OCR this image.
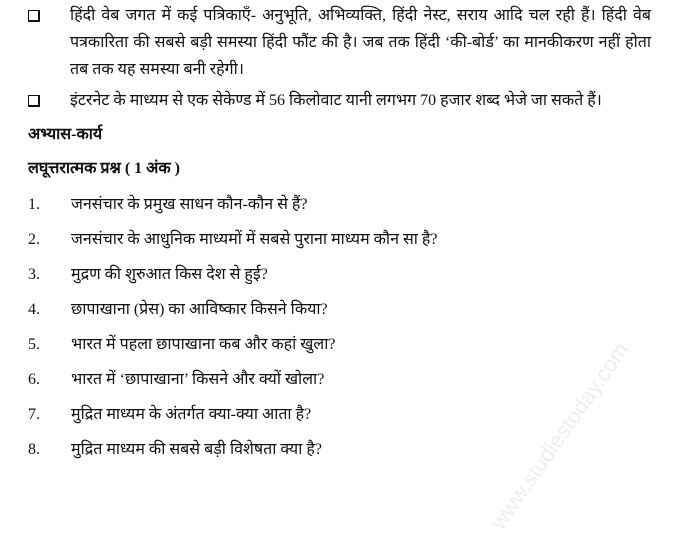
www.studiestoday.com
हिंदी वेब जगत में कई पत्रिकाएँ- अनुभूति, अभिव्यक्ति, हिंदी नेस्ट, सराय आदि चल रही हैं। हिंदी वेब पत्रकारिता की सबसे बड़ी समस्या हिंदी फौंट की है। जब तक हिंदी ‘की-बोर्ड’ का मानकीकरण नहीं होता तब तक यह समस्या बनी रहेगी।
इंटरनेट के माध्यम से एक सेकेण्ड में 56 किलोवाट यानी लगभग 70 हजार शब्द भेजे जा सकते हैं।
अभ्यास-कार्य
लघूत्तरात्मक प्रश्न ( 1 अंक )
1.	जनसंचार के प्रमुख साधन कौन-कौन से हैं?
2.	जनसंचार के आधुनिक माध्यमों में सबसे पुराना माध्यम कौन सा है?
3.	मुद्रण की शुरुआत किस देश से हुई?
4.	छापाखाना (प्रेस) का आविष्कार किसने किया?
5.	भारत में पहला छापाखाना कब और कहां खुला?
6.	भारत में ‘छापाखाना’ किसने और क्यों खोला?
7.	मुद्रित माध्यम के अंतर्गत क्या-क्या आता है?
8.	मुद्रित माध्यम की सबसे बड़ी विशेषता क्या है?
